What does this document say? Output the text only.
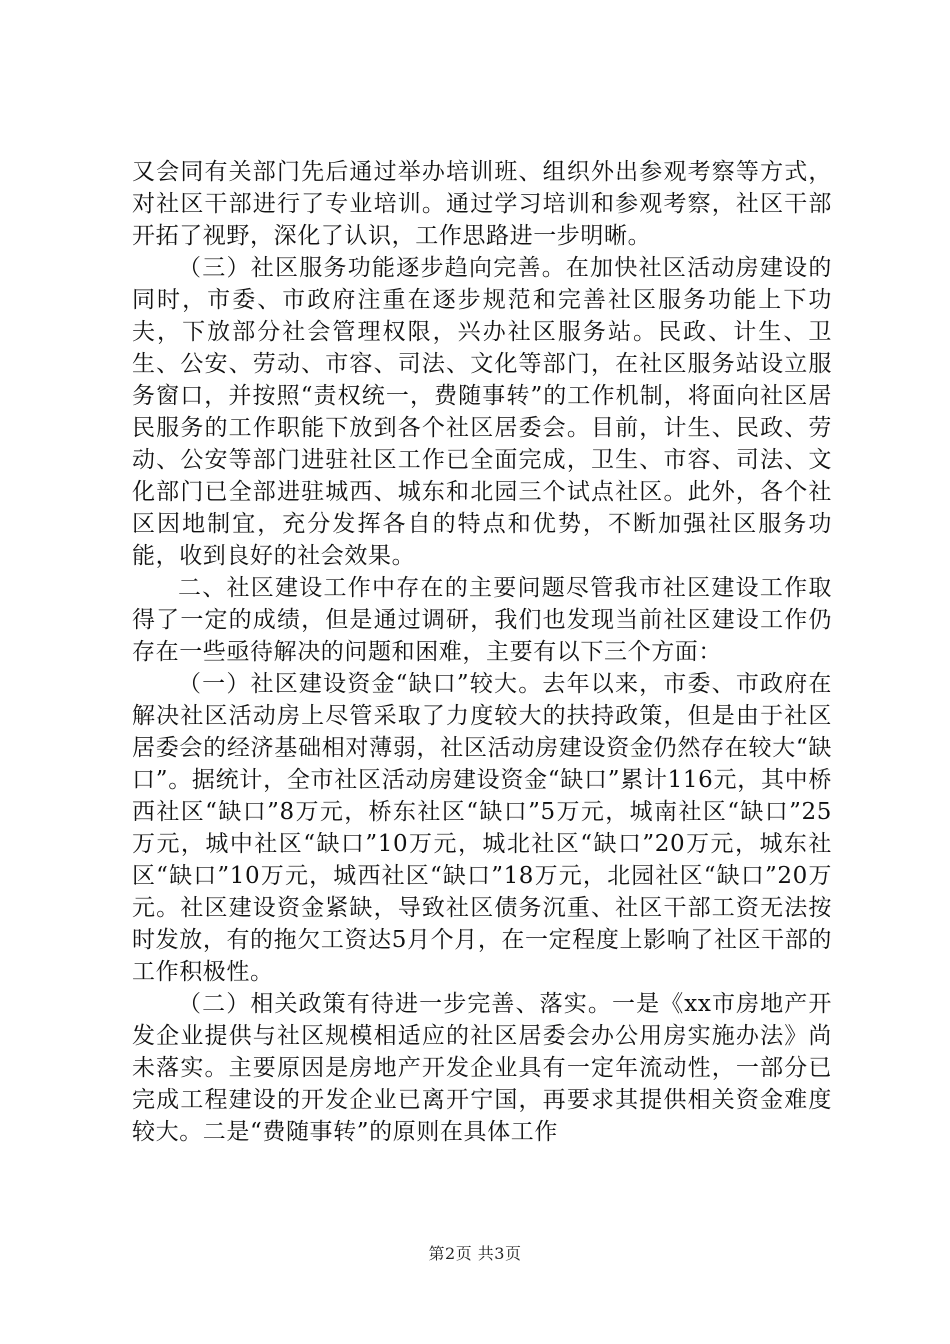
又会同有关部门先后通过举办培训班、组织外出参观考察等方式，对社区干部进行了专业培训。通过学习培训和参观考察，社区干部开拓了视野，深化了认识，工作思路进一步明晰。

（三）社区服务功能逐步趋向完善。在加快社区活动房建设的同时，市委、市政府注重在逐步规范和完善社区服务功能上下功夫，下放部分社会管理权限，兴办社区服务站。民政、计生、卫生、公安、劳动、市容、司法、文化等部门，在社区服务站设立服务窗口，并按照“责权统一，费随事转”的工作机制，将面向社区居民服务的工作职能下放到各个社区居委会。目前，计生、民政、劳动、公安等部门进驻社区工作已全面完成，卫生、市容、司法、文化部门已全部进驻城西、城东和北园三个试点社区。此外，各个社区因地制宜，充分发挥各自的特点和优势，不断加强社区服务功能，收到良好的社会效果。

二、社区建设工作中存在的主要问题尽管我市社区建设工作取得了一定的成绩，但是通过调研，我们也发现当前社区建设工作仍存在一些亟待解决的问题和困难，主要有以下三个方面：

（一）社区建设资金“缺口”较大。去年以来，市委、市政府在解决社区活动房上尽管采取了力度较大的扶持政策，但是由于社区居委会的经济基础相对薄弱，社区活动房建设资金仍然存在较大“缺口”。据统计，全市社区活动房建设资金“缺口”累计116元，其中桥西社区“缺口”8万元，桥东社区“缺口”5万元，城南社区“缺口”25万元，城中社区“缺口”10万元，城北社区“缺口”20万元，城东社区“缺口”10万元，城西社区“缺口”18万元，北园社区“缺口”20万元。社区建设资金紧缺，导致社区债务沉重、社区干部工资无法按时发放，有的拖欠工资达5月个月，在一定程度上影响了社区干部的工作积极性。

（二）相关政策有待进一步完善、落实。一是《xx市房地产开发企业提供与社区规模相适应的社区居委会办公用房实施办法》尚未落实。主要原因是房地产开发企业具有一定年流动性，一部分已完成工程建设的开发企业已离开宁国，再要求其提供相关资金难度较大。二是“费随事转”的原则在具体工作

第2页 共3页
